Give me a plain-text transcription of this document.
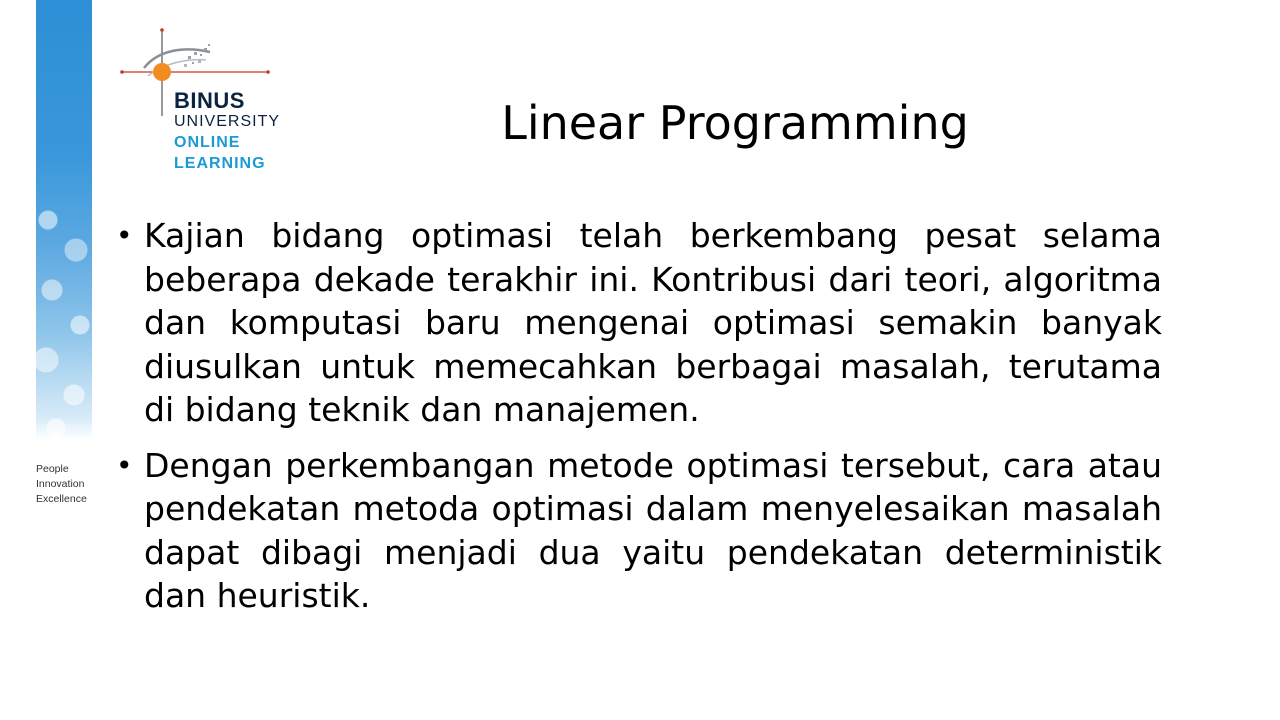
People
Innovation
Excellence
BINUS
UNIVERSITY
ONLINE
LEARNING
Linear Programming
• Kajian bidang optimasi telah berkembang pesat selama beberapa dekade terakhir ini. Kontribusi dari teori, algoritma dan komputasi baru mengenai optimasi semakin banyak diusulkan untuk memecahkan berbagai masalah, terutama di bidang teknik dan manajemen.
• Dengan perkembangan metode optimasi tersebut, cara atau pendekatan metoda optimasi dalam menyelesaikan masalah dapat dibagi menjadi dua yaitu pendekatan deterministik dan heuristik.
